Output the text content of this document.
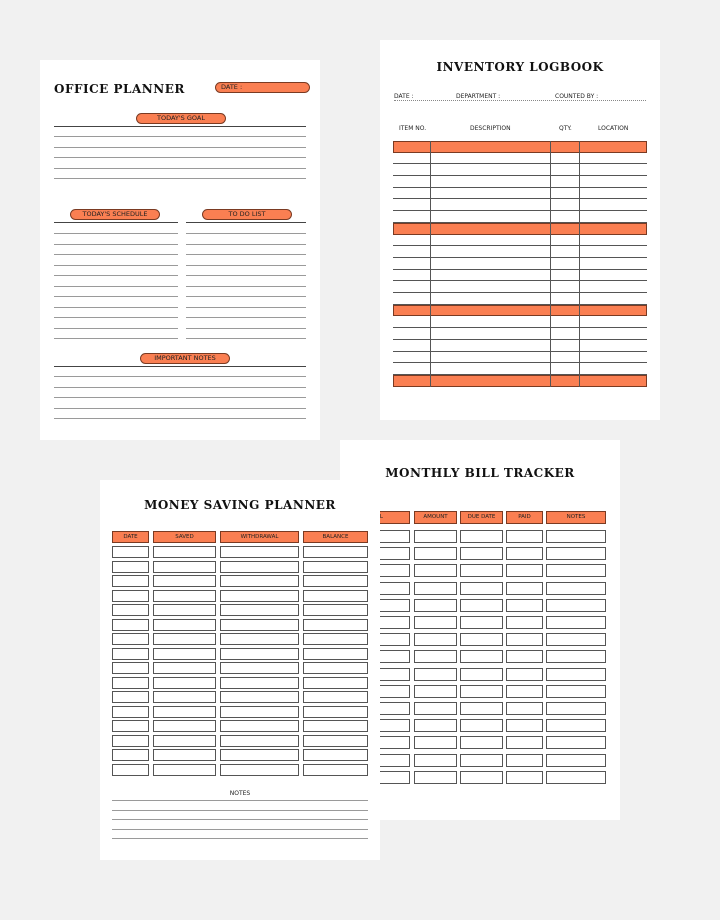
OFFICE PLANNER	DATE :
TODAY'S GOAL
TODAY'S SCHEDULE	TO DO LIST
IMPORTANT NOTES
INVENTORY LOGBOOK
DATE :	DEPARTMENT :	COUNTED BY :
ITEM NO.	DESCRIPTION	QTY.	LOCATION
MONTHLY BILL TRACKER
L	AMOUNT	DUE DATE	PAID	NOTES
MONEY SAVING PLANNER
DATE	SAVED	WITHDRAWAL	BALANCE
NOTES
